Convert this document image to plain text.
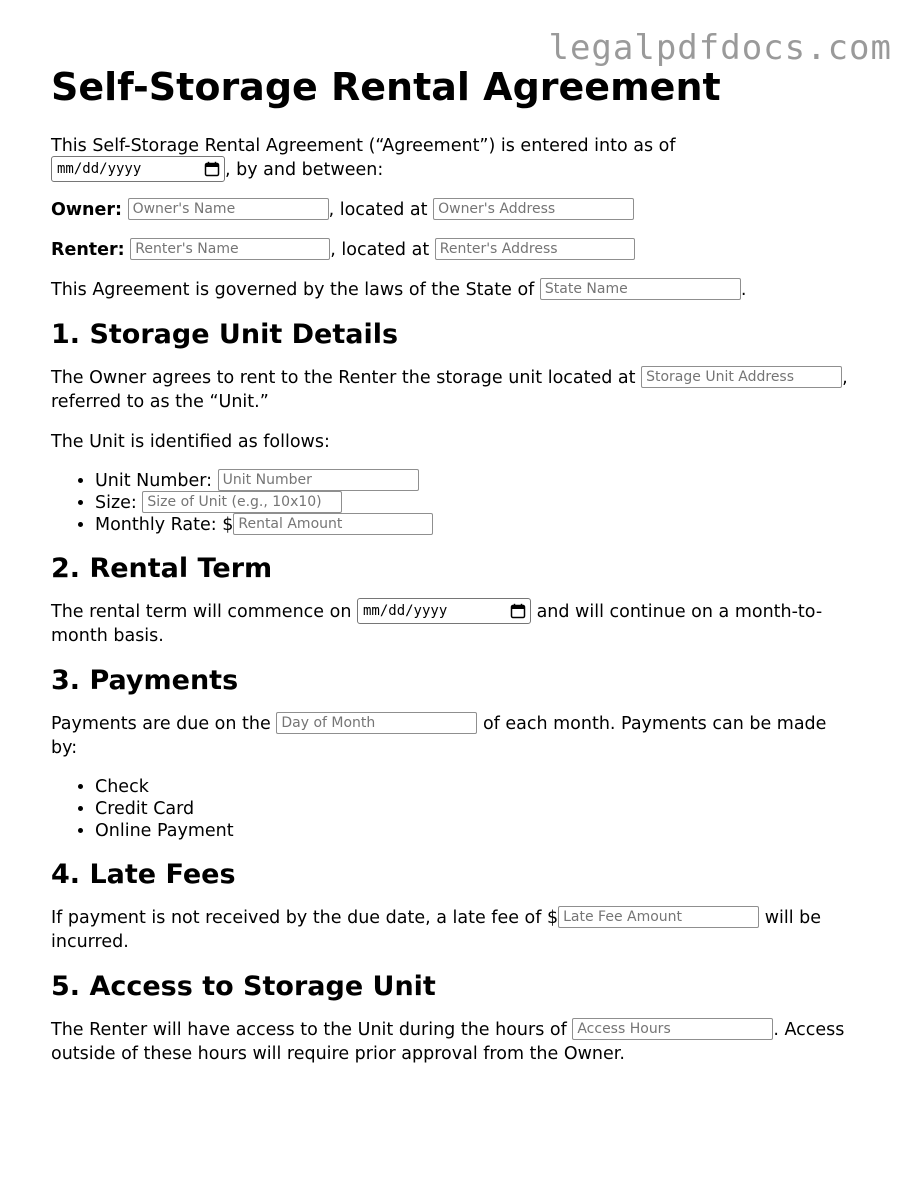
legalpdfdocs.com
Self-Storage Rental Agreement

This Self-Storage Rental Agreement (“Agreement”) is entered into as of

mm/dd/yyyy	, by and between:

Owner: Owner's Name	, located at Owner's Address

Renter: Renter's Name	, located at Renter's Address

This Agreement is governed by the laws of the State of State Name	.

1. Storage Unit Details

The Owner agrees to rent to the Renter the storage unit located at Storage Unit Address	,
referred to as the “Unit.”

The Unit is identified as follows:

• Unit Number: Unit Number
• Size: Size of Unit (e.g., 10x10)
• Monthly Rate: $Rental Amount
2. Rental Term

The rental term will commence on mm/dd/yyyy	and will continue on a month-to-
month basis.

3. Payments

Payments are due on the Day of Month	of each month. Payments can be made
by:

• Check
• Credit Card
• Online Payment
4. Late Fees

If payment is not received by the due date, a late fee of $Late Fee Amount	will be
incurred.

5. Access to Storage Unit

The Renter will have access to the Unit during the hours of Access Hours	. Access
outside of these hours will require prior approval from the Owner.
